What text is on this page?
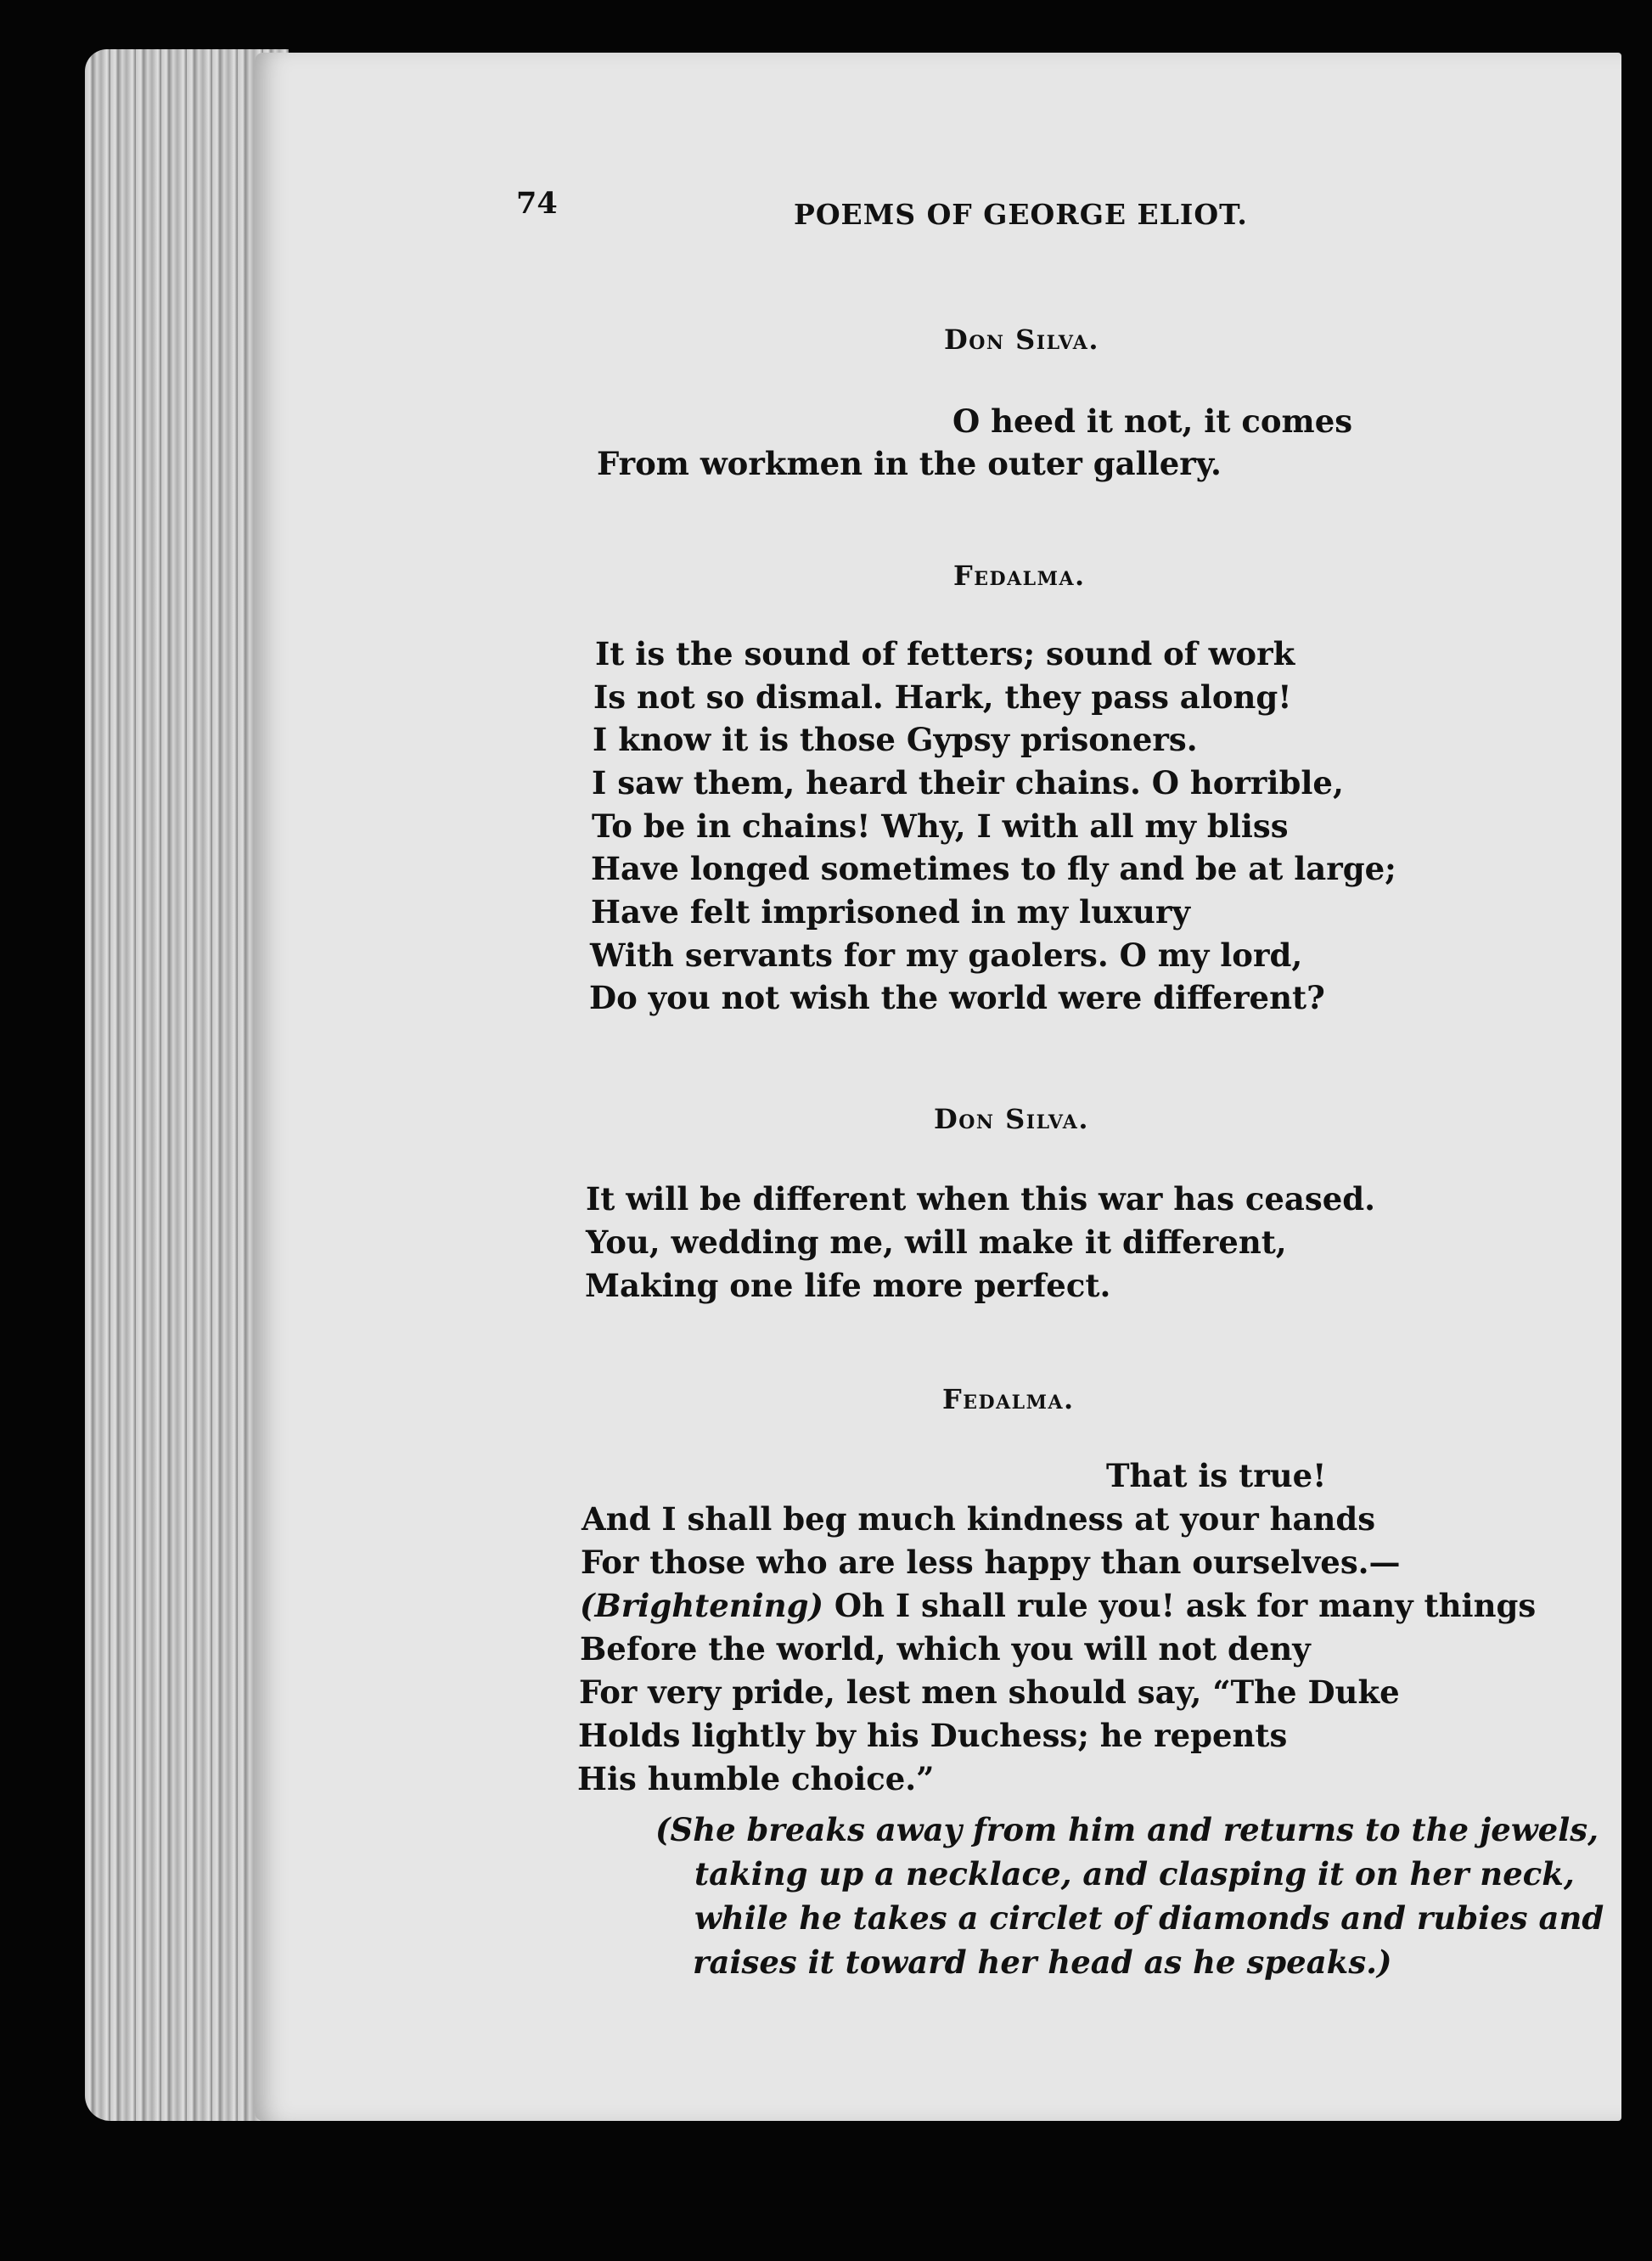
74	POEMS OF GEORGE ELIOT.
Don Silva.
O heed it not, it comes
From workmen in the outer gallery.
Fedalma.
It is the sound of fetters; sound of work
Is not so dismal. Hark, they pass along!
I know it is those Gypsy prisoners.
I saw them, heard their chains. O horrible,
To be in chains! Why, I with all my bliss
Have longed sometimes to fly and be at large;
Have felt imprisoned in my luxury
With servants for my gaolers. O my lord,
Do you not wish the world were different?
Don Silva.
It will be different when this war has ceased.
You, wedding me, will make it different,
Making one life more perfect.
Fedalma.
That is true!
And I shall beg much kindness at your hands
For those who are less happy than ourselves.—
(Brightening) Oh I shall rule you! ask for many things
Before the world, which you will not deny
For very pride, lest men should say, “The Duke
Holds lightly by his Duchess; he repents
His humble choice.”
(She breaks away from him and returns to the jewels,
taking up a necklace, and clasping it on her neck,
while he takes a circlet of diamonds and rubies and
raises it toward her head as he speaks.)
